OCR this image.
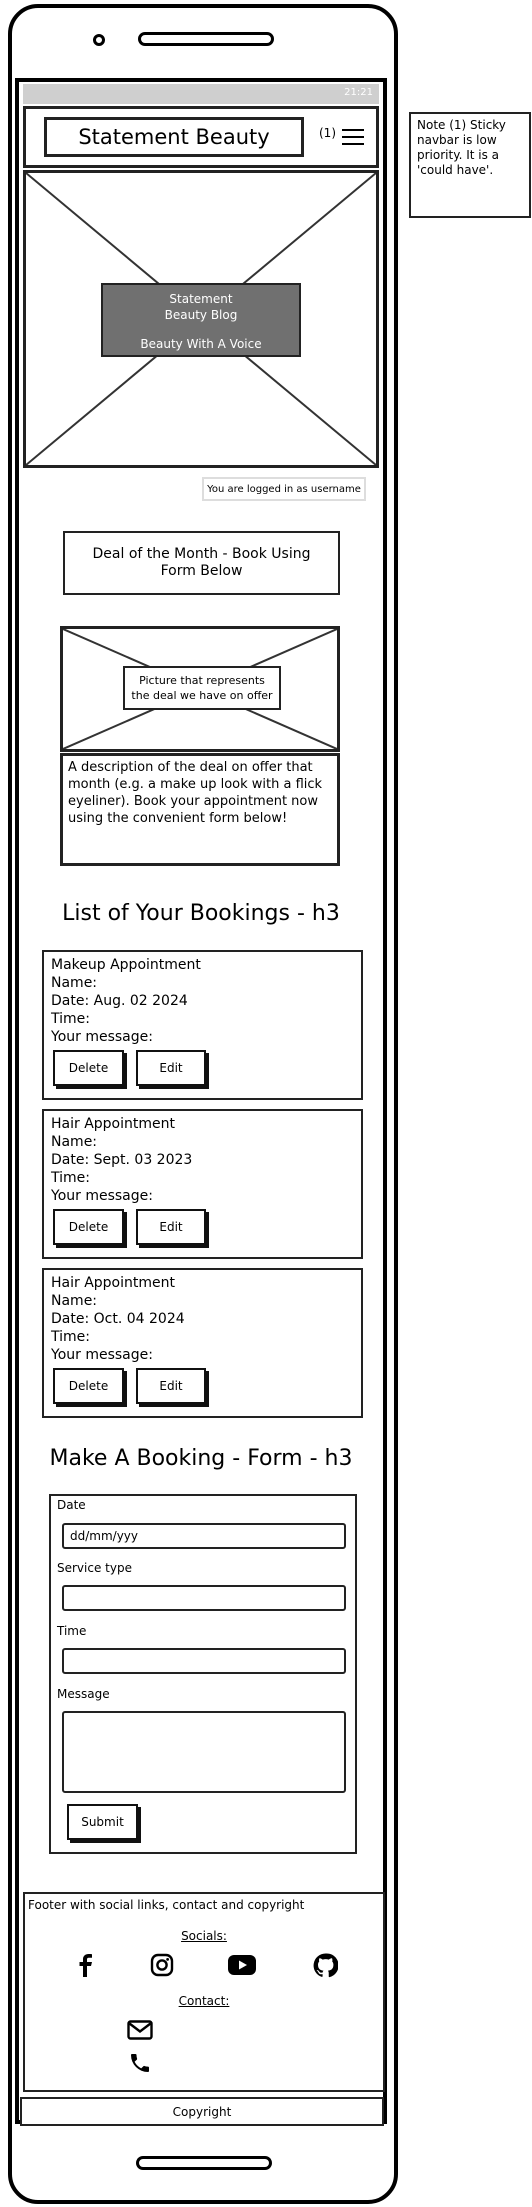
21:21
Statement Beauty	(1)
Note (1) Sticky navbar is low priority. It is a 'could have'.
Statement
Beauty Blog
Beauty With A Voice
You are logged in as username
Deal of the Month - Book Using Form Below
Picture that represents the deal we have on offer
A description of the deal on offer that month (e.g. a make up look with a flick eyeliner). Book your appointment now using the convenient form below!
List of Your Bookings - h3
Makeup Appointment
Name:
Date: Aug. 02 2024
Time:
Your message:
Delete	Edit
Hair Appointment
Name:
Date: Sept. 03 2023
Time:
Your message:
Delete	Edit
Hair Appointment
Name:
Date: Oct. 04 2024
Time:
Your message:
Delete	Edit
Make A Booking - Form - h3
Date
dd/mm/yyy
Service type
Time
Message
Submit
Footer with social links, contact and copyright
Socials:
Contact:
Copyright
